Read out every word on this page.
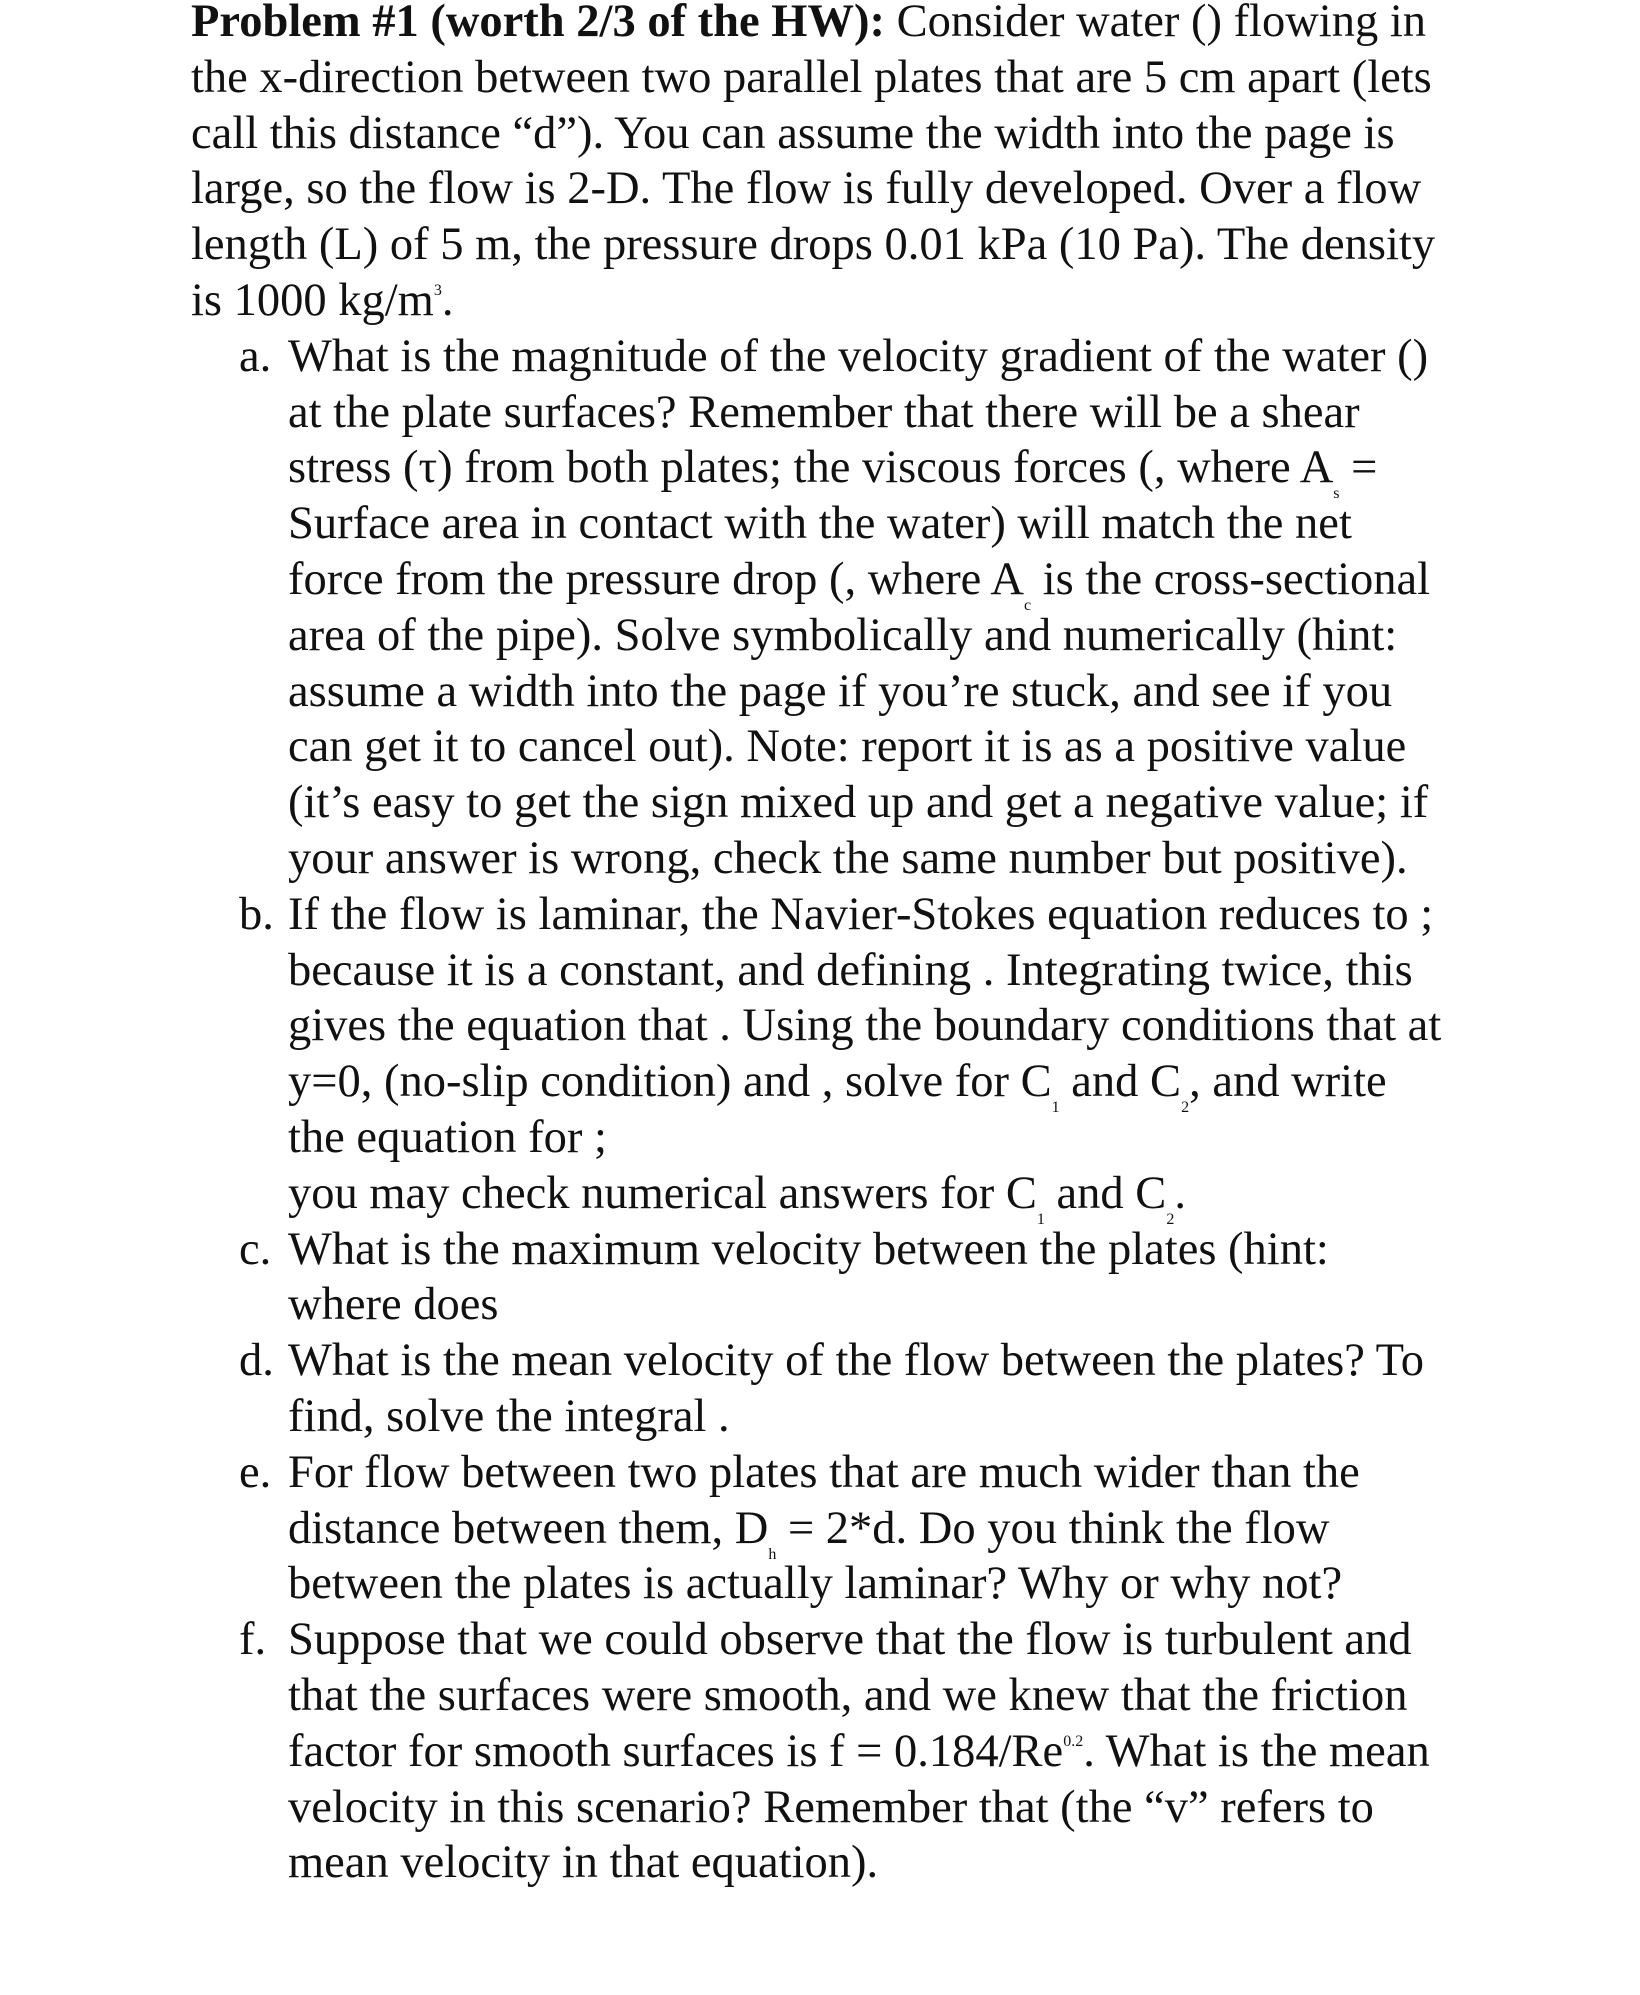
Problem #1 (worth 2/3 of the HW): Consider water () flowing in the x-direction between two parallel plates that are 5 cm apart (lets call this distance “d”). You can assume the width into the page is large, so the flow is 2-D. The flow is fully developed. Over a flow length (L) of 5 m, the pressure drops 0.01 kPa (10 Pa). The density is 1000 $kg/m^3$.

a. What is the magnitude of the velocity gradient of the water () at the plate surfaces? Remember that there will be a shear stress (τ) from both plates; the viscous forces (, where $A_s$ = Surface area in contact with the water) will match the net force from the pressure drop (, where $A_c$ is the cross-sectional area of the pipe). Solve symbolically and numerically (hint: assume a width into the page if you’re stuck, and see if you can get it to cancel out). Note: report it is as a positive value (it’s easy to get the sign mixed up and get a negative value; if your answer is wrong, check the same number but positive).
b. If the flow is laminar, the Navier-Stokes equation reduces to ; because it is a constant, and defining . Integrating twice, this gives the equation that . Using the boundary conditions that at y=0, (no-slip condition) and , solve for $C_1$ and $C_2$, and write the equation for ;
you may check numerical answers for $C_1$ and $C_2$.
c. What is the maximum velocity between the plates (hint: where does
d. What is the mean velocity of the flow between the plates? To find, solve the integral .
e. For flow between two plates that are much wider than the distance between them, $D_h = 2*d$. Do you think the flow between the plates is actually laminar? Why or why not?
f. Suppose that we could observe that the flow is turbulent and that the surfaces were smooth, and we knew that the friction factor for smooth surfaces is $f = 0.184/Re^{0.2}$. What is the mean velocity in this scenario? Remember that (the “v” refers to mean velocity in that equation).
